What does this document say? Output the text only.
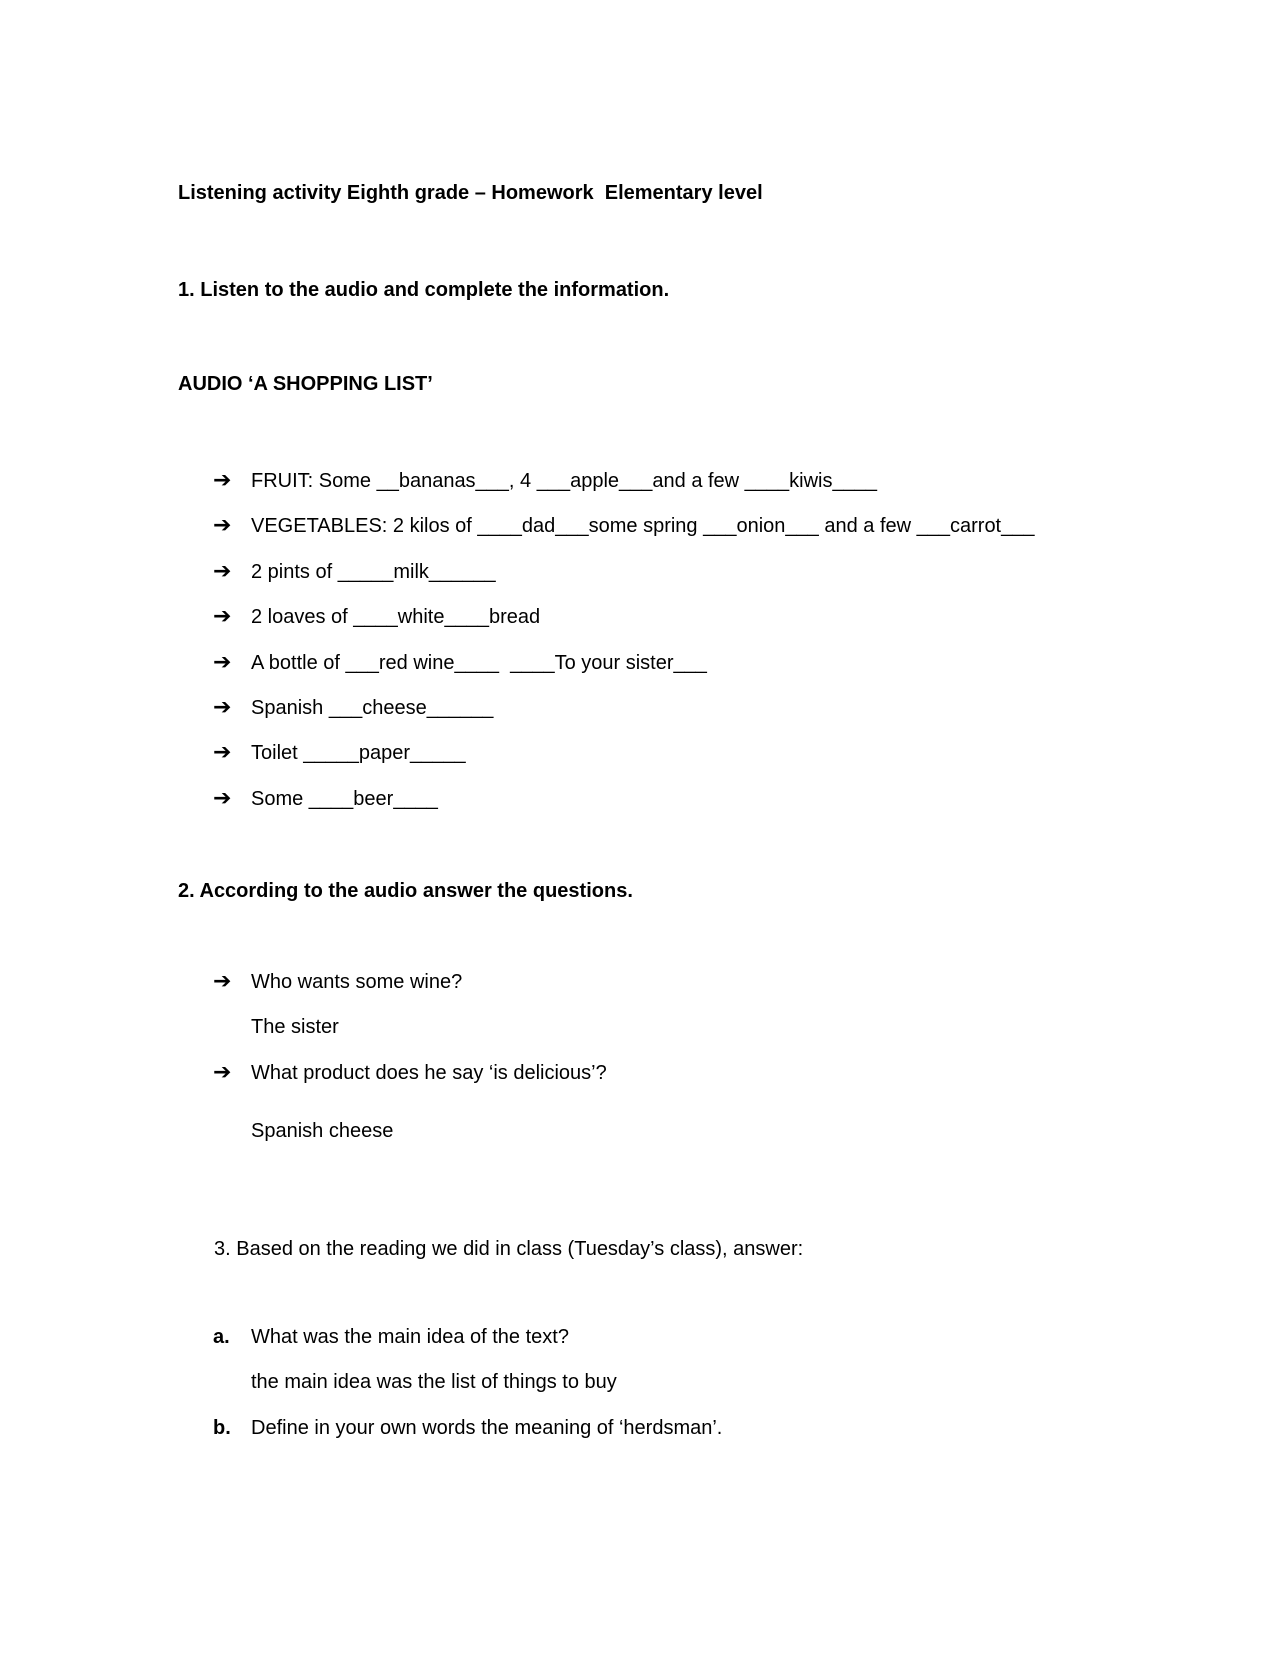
Listening activity Eighth grade – Homework  Elementary level
1. Listen to the audio and complete the information.
AUDIO ‘A SHOPPING LIST’
➔ FRUIT: Some __bananas___, 4 ___apple___and a few ____kiwis____
➔ VEGETABLES: 2 kilos of ____dad___some spring ___onion___ and a few ___carrot___
➔ 2 pints of _____milk______
➔ 2 loaves of ____white____bread
➔ A bottle of ___red wine____  ____To your sister___
➔ Spanish ___cheese______
➔ Toilet _____paper_____
➔ Some ____beer____
2. According to the audio answer the questions.
➔ Who wants some wine?
The sister
➔ What product does he say ‘is delicious’?
Spanish cheese
3. Based on the reading we did in class (Tuesday’s class), answer:
a. What was the main idea of the text?
the main idea was the list of things to buy
b. Define in your own words the meaning of ‘herdsman’.
